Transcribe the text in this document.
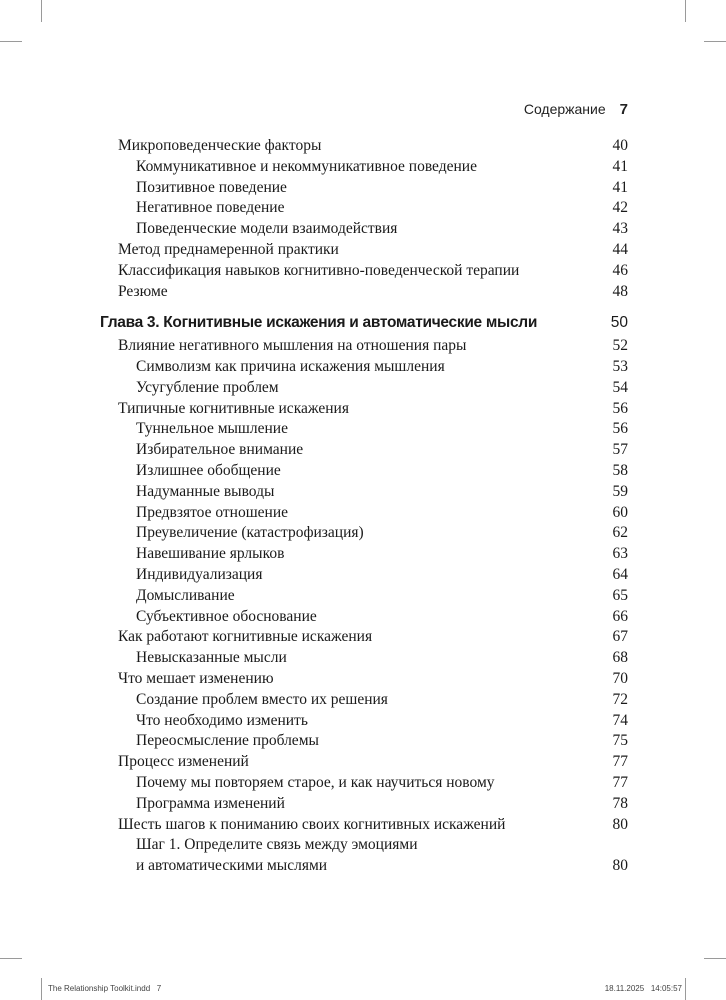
Содержание 7
Микроповеденческие факторы	40
Коммуникативное и некоммуникативное поведение	41
Позитивное поведение	41
Негативное поведение	42
Поведенческие модели взаимодействия	43
Метод преднамеренной практики	44
Классификация навыков когнитивно-поведенческой терапии	46
Резюме	48
Глава 3. Когнитивные искажения и автоматические мысли	50
Влияние негативного мышления на отношения пары	52
Символизм как причина искажения мышления	53
Усугубление проблем	54
Типичные когнитивные искажения	56
Туннельное мышление	56
Избирательное внимание	57
Излишнее обобщение	58
Надуманные выводы	59
Предвзятое отношение	60
Преувеличение (катастрофизация)	62
Навешивание ярлыков	63
Индивидуализация	64
Домысливание	65
Субъективное обоснование	66
Как работают когнитивные искажения	67
Невысказанные мысли	68
Что мешает изменению	70
Создание проблем вместо их решения	72
Что необходимо изменить	74
Переосмысление проблемы	75
Процесс изменений	77
Почему мы повторяем старое, и как научиться новому	77
Программа изменений	78
Шесть шагов к пониманию своих когнитивных искажений	80
Шаг 1. Определите связь между эмоциями
и автоматическими мыслями	80
The Relationship Toolkit.indd   7	18.11.2025   14:05:57
